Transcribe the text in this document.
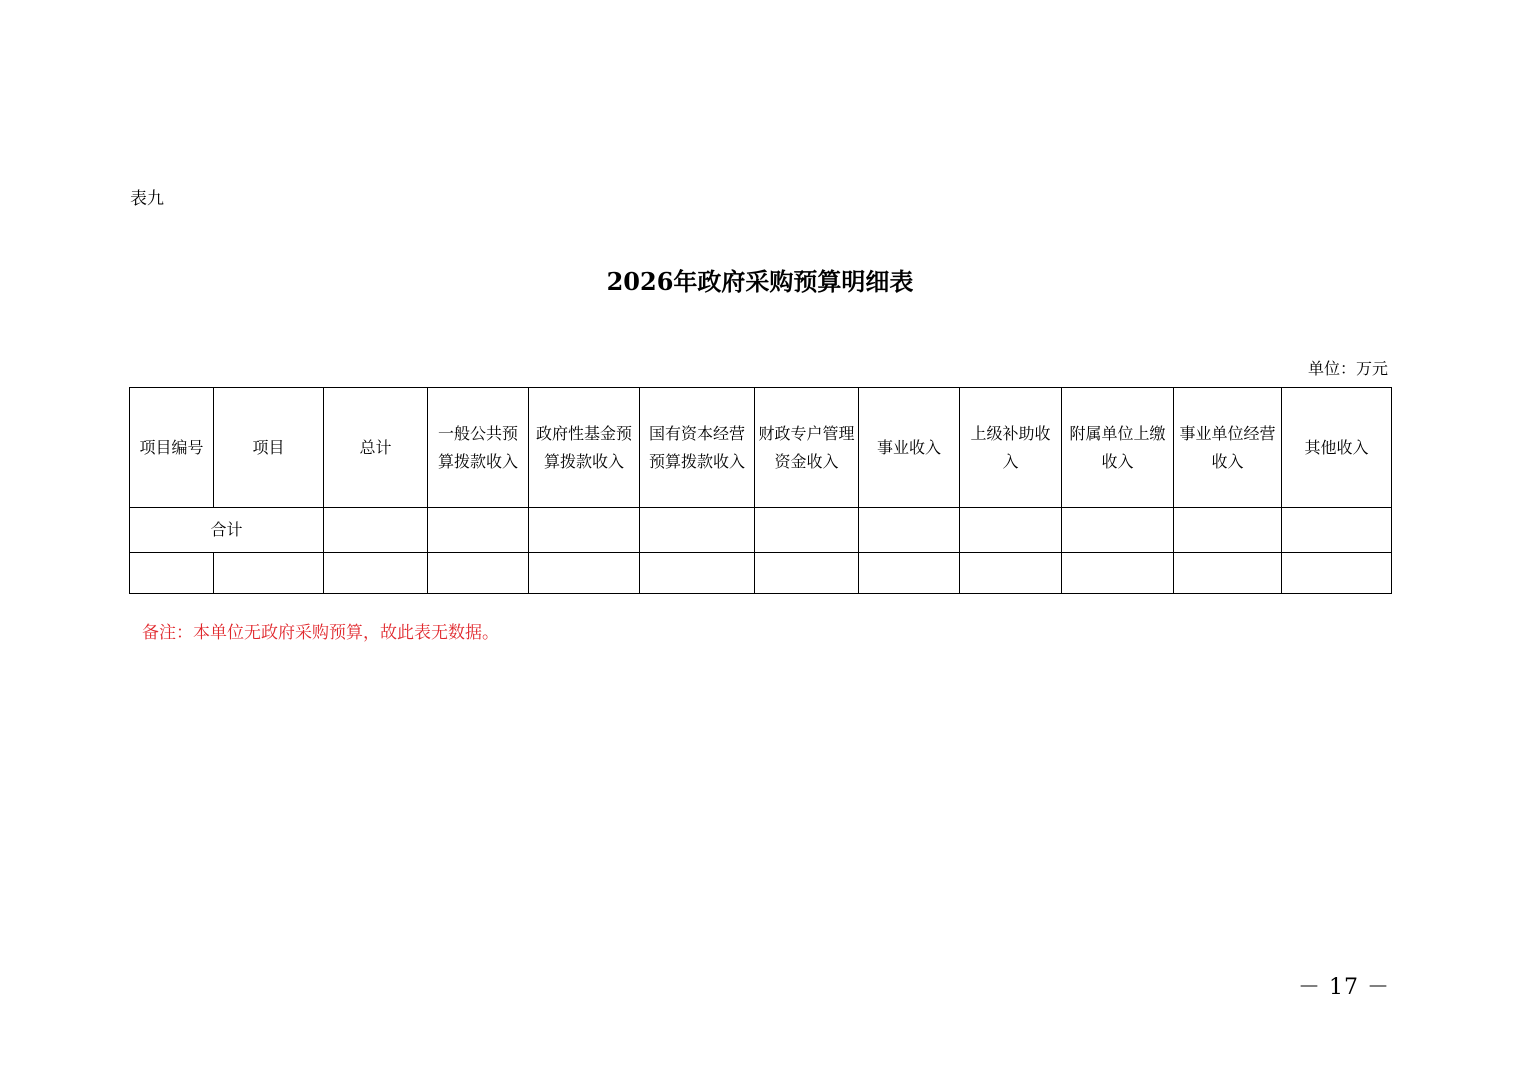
表九
2026年政府采购预算明细表
单位：万元
项目编号	项目	总计	一般公共预算拨款收入	政府性基金预算拨款收入	国有资本经营预算拨款收入	财政专户管理资金收入	事业收入	上级补助收入	附属单位上缴收入	事业单位经营收入	其他收入
合计											

备注：本单位无政府采购预算，故此表无数据。
－ 17 －
